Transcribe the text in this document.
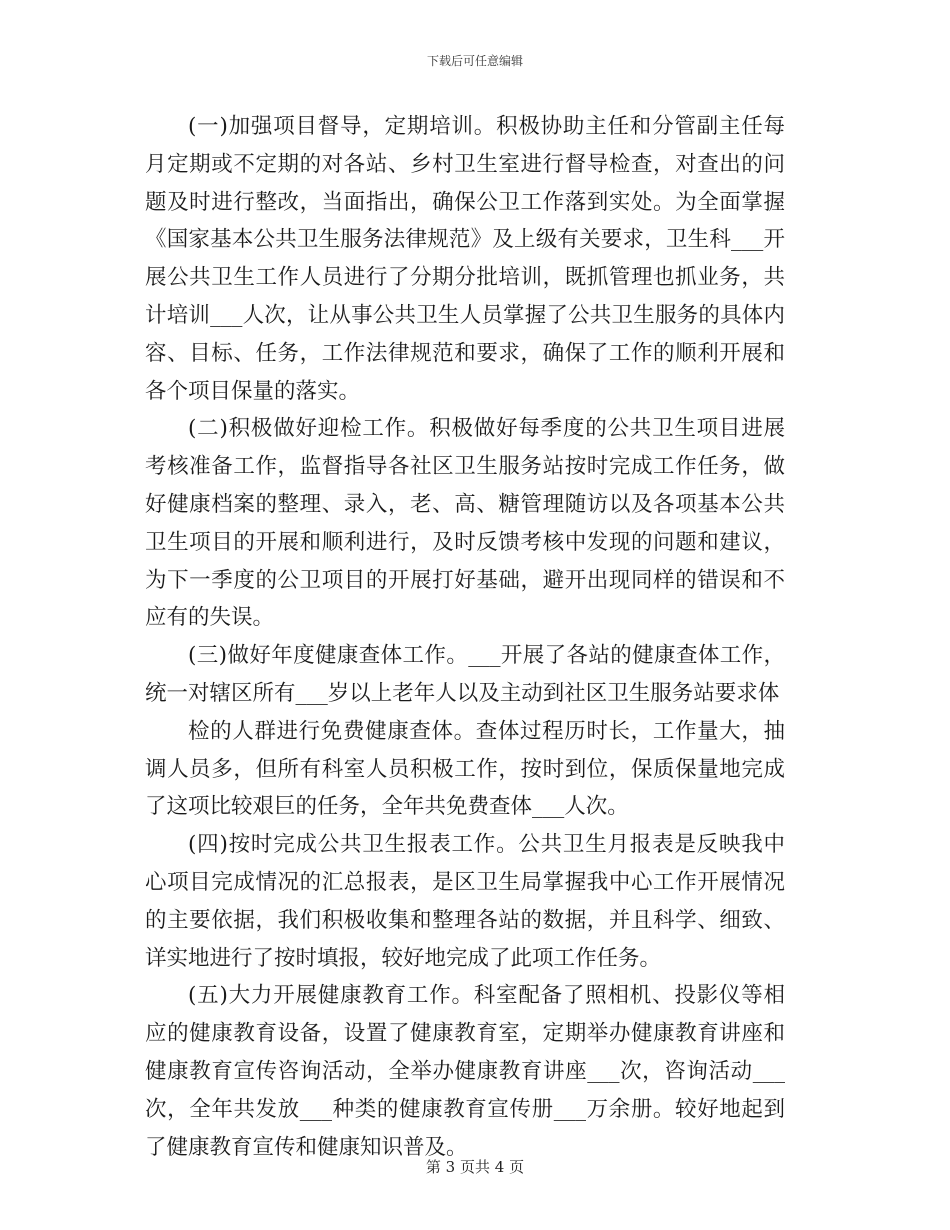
下载后可任意编辑

(一)加强项目督导，定期培训。积极协助主任和分管副主任每月定期或不定期的对各站、乡村卫生室进行督导检查，对查出的问题及时进行整改，当面指出，确保公卫工作落到实处。为全面掌握《国家基本公共卫生服务法律规范》及上级有关要求，卫生科___开展公共卫生工作人员进行了分期分批培训，既抓管理也抓业务，共计培训___人次，让从事公共卫生人员掌握了公共卫生服务的具体内容、目标、任务，工作法律规范和要求，确保了工作的顺利开展和各个项目保量的落实。

(二)积极做好迎检工作。积极做好每季度的公共卫生项目进展考核准备工作，监督指导各社区卫生服务站按时完成工作任务，做好健康档案的整理、录入，老、高、糖管理随访以及各项基本公共卫生项目的开展和顺利进行，及时反馈考核中发现的问题和建议，为下一季度的公卫项目的开展打好基础，避开出现同样的错误和不应有的失误。

(三)做好年度健康查体工作。___开展了各站的健康查体工作，统一对辖区所有___岁以上老年人以及主动到社区卫生服务站要求体

检的人群进行免费健康查体。查体过程历时长，工作量大，抽调人员多，但所有科室人员积极工作，按时到位，保质保量地完成了这项比较艰巨的任务，全年共免费查体___人次。

(四)按时完成公共卫生报表工作。公共卫生月报表是反映我中心项目完成情况的汇总报表，是区卫生局掌握我中心工作开展情况的主要依据，我们积极收集和整理各站的数据，并且科学、细致、详实地进行了按时填报，较好地完成了此项工作任务。

(五)大力开展健康教育工作。科室配备了照相机、投影仪等相应的健康教育设备，设置了健康教育室，定期举办健康教育讲座和健康教育宣传咨询活动，全举办健康教育讲座___次，咨询活动___次，全年共发放___种类的健康教育宣传册___万余册。较好地起到了健康教育宣传和健康知识普及。

第 3 页共 4 页
